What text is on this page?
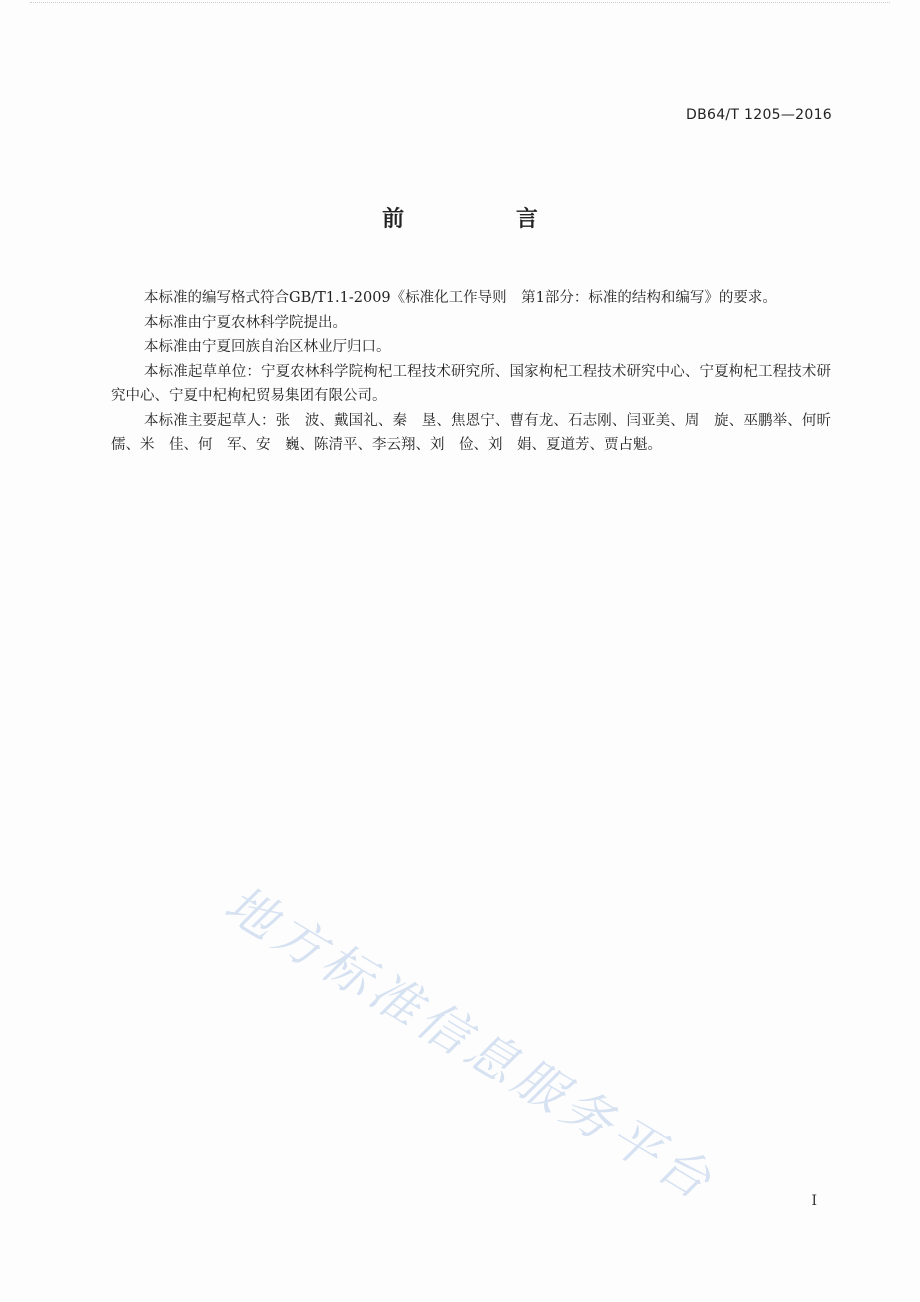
DB64/T 1205—2016
前 言

本标准的编写格式符合GB/T1.1-2009《标准化工作导则　第1部分：标准的结构和编写》的要求。

本标准由宁夏农林科学院提出。

本标准由宁夏回族自治区林业厅归口。

本标准起草单位：宁夏农林科学院枸杞工程技术研究所、国家枸杞工程技术研究中心、宁夏枸杞工程技术研究中心、宁夏中杞枸杞贸易集团有限公司。

本标准主要起草人：张　波、戴国礼、秦　垦、焦恩宁、曹有龙、石志刚、闫亚美、周　旋、巫鹏举、何昕儒、米　佳、何　军、安　巍、陈清平、李云翔、刘　俭、刘　娟、夏道芳、贾占魁。

地方标准信息服务平台	I
